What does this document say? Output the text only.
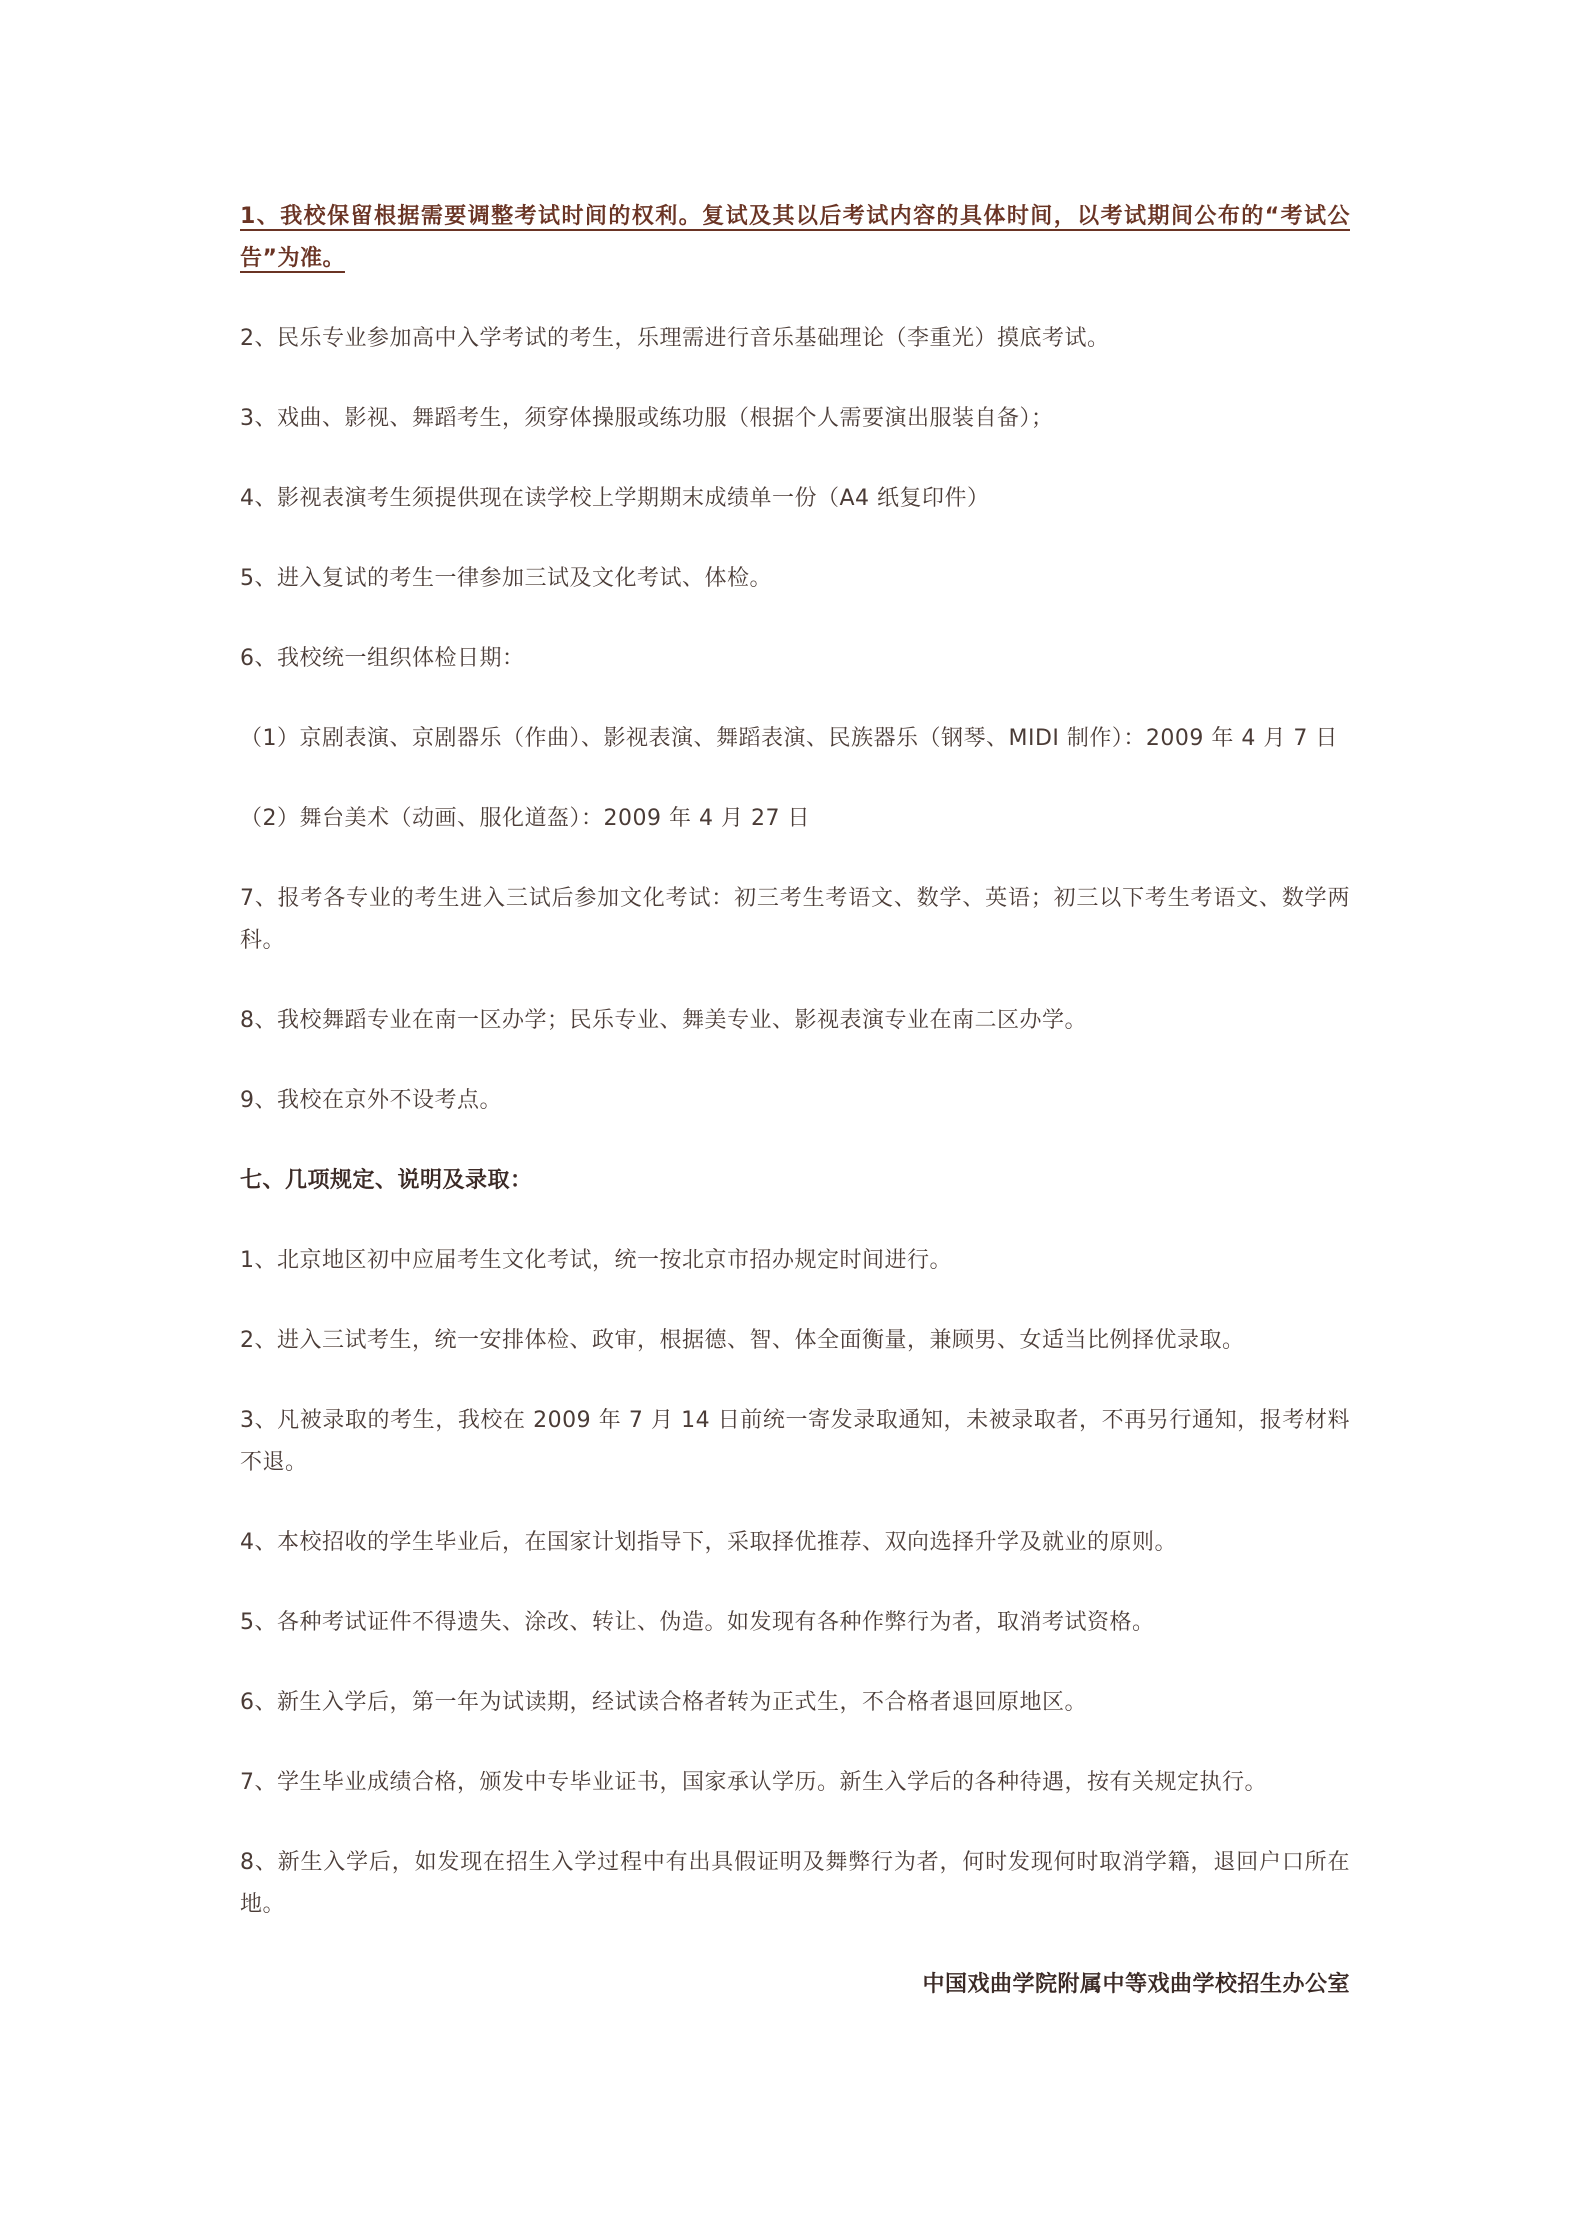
1、我校保留根据需要调整考试时间的权利。复试及其以后考试内容的具体时间，以考试期间公布的“考试公告”为准。

2、民乐专业参加高中入学考试的考生，乐理需进行音乐基础理论（李重光）摸底考试。

3、戏曲、影视、舞蹈考生，须穿体操服或练功服（根据个人需要演出服装自备）；

4、影视表演考生须提供现在读学校上学期期末成绩单一份（A4 纸复印件）

5、进入复试的考生一律参加三试及文化考试、体检。

6、我校统一组织体检日期：

（1）京剧表演、京剧器乐（作曲）、影视表演、舞蹈表演、民族器乐（钢琴、MIDI 制作）：2009 年 4 月 7 日

（2）舞台美术（动画、服化道盔）：2009 年 4 月 27 日

7、报考各专业的考生进入三试后参加文化考试：初三考生考语文、数学、英语；初三以下考生考语文、数学两科。

8、我校舞蹈专业在南一区办学；民乐专业、舞美专业、影视表演专业在南二区办学。

9、我校在京外不设考点。

七、几项规定、说明及录取：

1、北京地区初中应届考生文化考试，统一按北京市招办规定时间进行。

2、进入三试考生，统一安排体检、政审，根据德、智、体全面衡量，兼顾男、女适当比例择优录取。

3、凡被录取的考生，我校在 2009 年 7 月 14 日前统一寄发录取通知，未被录取者，不再另行通知，报考材料不退。

4、本校招收的学生毕业后，在国家计划指导下，采取择优推荐、双向选择升学及就业的原则。

5、各种考试证件不得遗失、涂改、转让、伪造。如发现有各种作弊行为者，取消考试资格。

6、新生入学后，第一年为试读期，经试读合格者转为正式生，不合格者退回原地区。

7、学生毕业成绩合格，颁发中专毕业证书，国家承认学历。新生入学后的各种待遇，按有关规定执行。

8、新生入学后，如发现在招生入学过程中有出具假证明及舞弊行为者，何时发现何时取消学籍，退回户口所在地。

中国戏曲学院附属中等戏曲学校招生办公室
